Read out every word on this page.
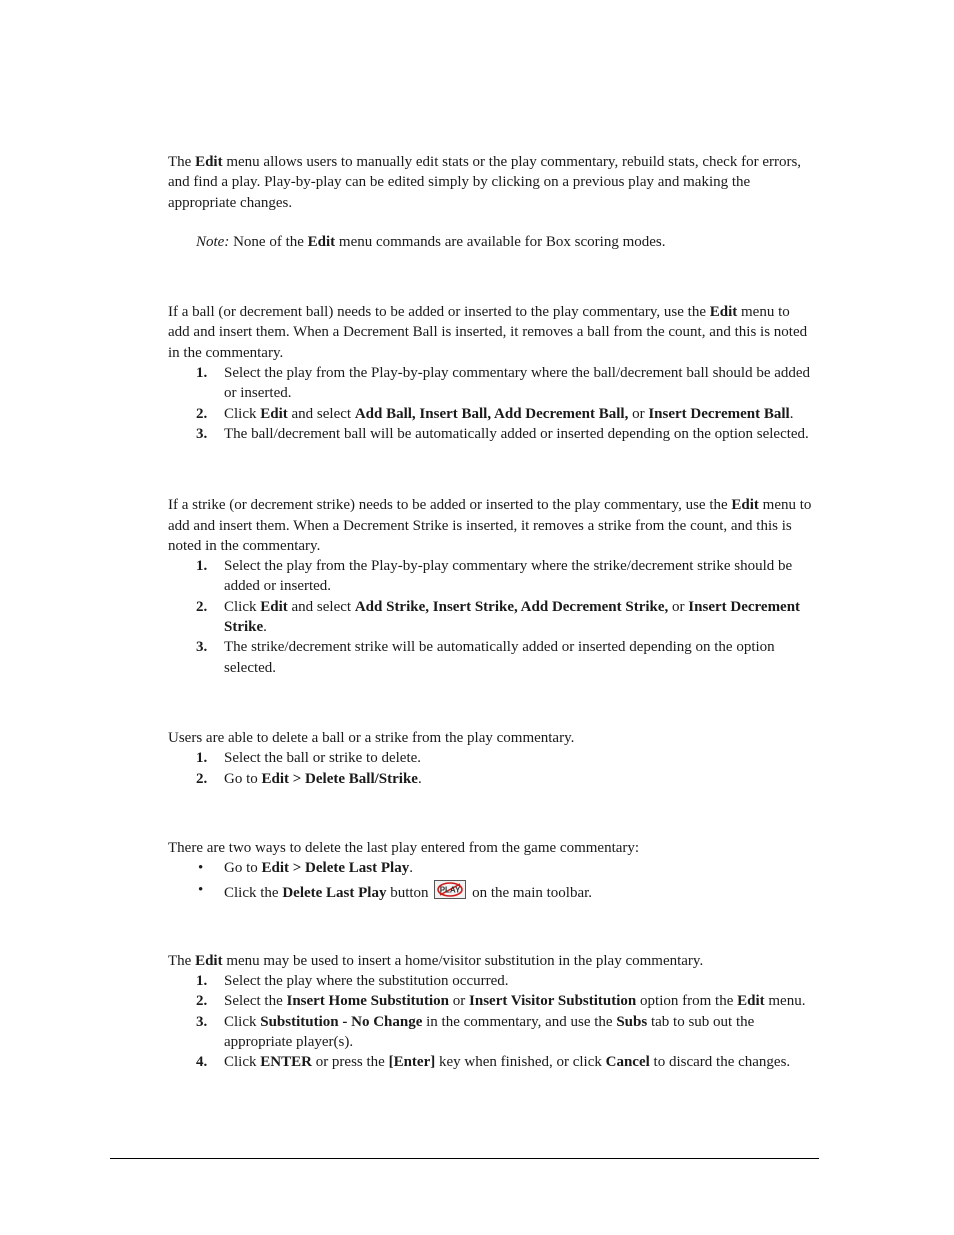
The Edit menu allows users to manually edit stats or the play commentary, rebuild stats, check for errors, and find a play. Play-by-play can be edited simply by clicking on a previous play and making the appropriate changes.

Note: None of the Edit menu commands are available for Box scoring modes.

If a ball (or decrement ball) needs to be added or inserted to the play commentary, use the Edit menu to add and insert them. When a Decrement Ball is inserted, it removes a ball from the count, and this is noted in the commentary.

1. Select the play from the Play-by-play commentary where the ball/decrement ball should be added or inserted.
2. Click Edit and select Add Ball, Insert Ball, Add Decrement Ball, or Insert Decrement Ball.
3. The ball/decrement ball will be automatically added or inserted depending on the option selected.

If a strike (or decrement strike) needs to be added or inserted to the play commentary, use the Edit menu to add and insert them. When a Decrement Strike is inserted, it removes a strike from the count, and this is noted in the commentary.

1. Select the play from the Play-by-play commentary where the strike/decrement strike should be added or inserted.
2. Click Edit and select Add Strike, Insert Strike, Add Decrement Strike, or Insert Decrement Strike.
3. The strike/decrement strike will be automatically added or inserted depending on the option selected.

Users are able to delete a ball or a strike from the play commentary.

1. Select the ball or strike to delete.
2. Go to Edit > Delete Ball/Strike.

There are two ways to delete the last play entered from the game commentary:

• Go to Edit > Delete Last Play.
• Click the Delete Last Play button PLAY on the main toolbar.

The Edit menu may be used to insert a home/visitor substitution in the play commentary.

1. Select the play where the substitution occurred.
2. Select the Insert Home Substitution or Insert Visitor Substitution option from the Edit menu.
3. Click Substitution - No Change in the commentary, and use the Subs tab to sub out the appropriate player(s).
4. Click ENTER or press the [Enter] key when finished, or click Cancel to discard the changes.
